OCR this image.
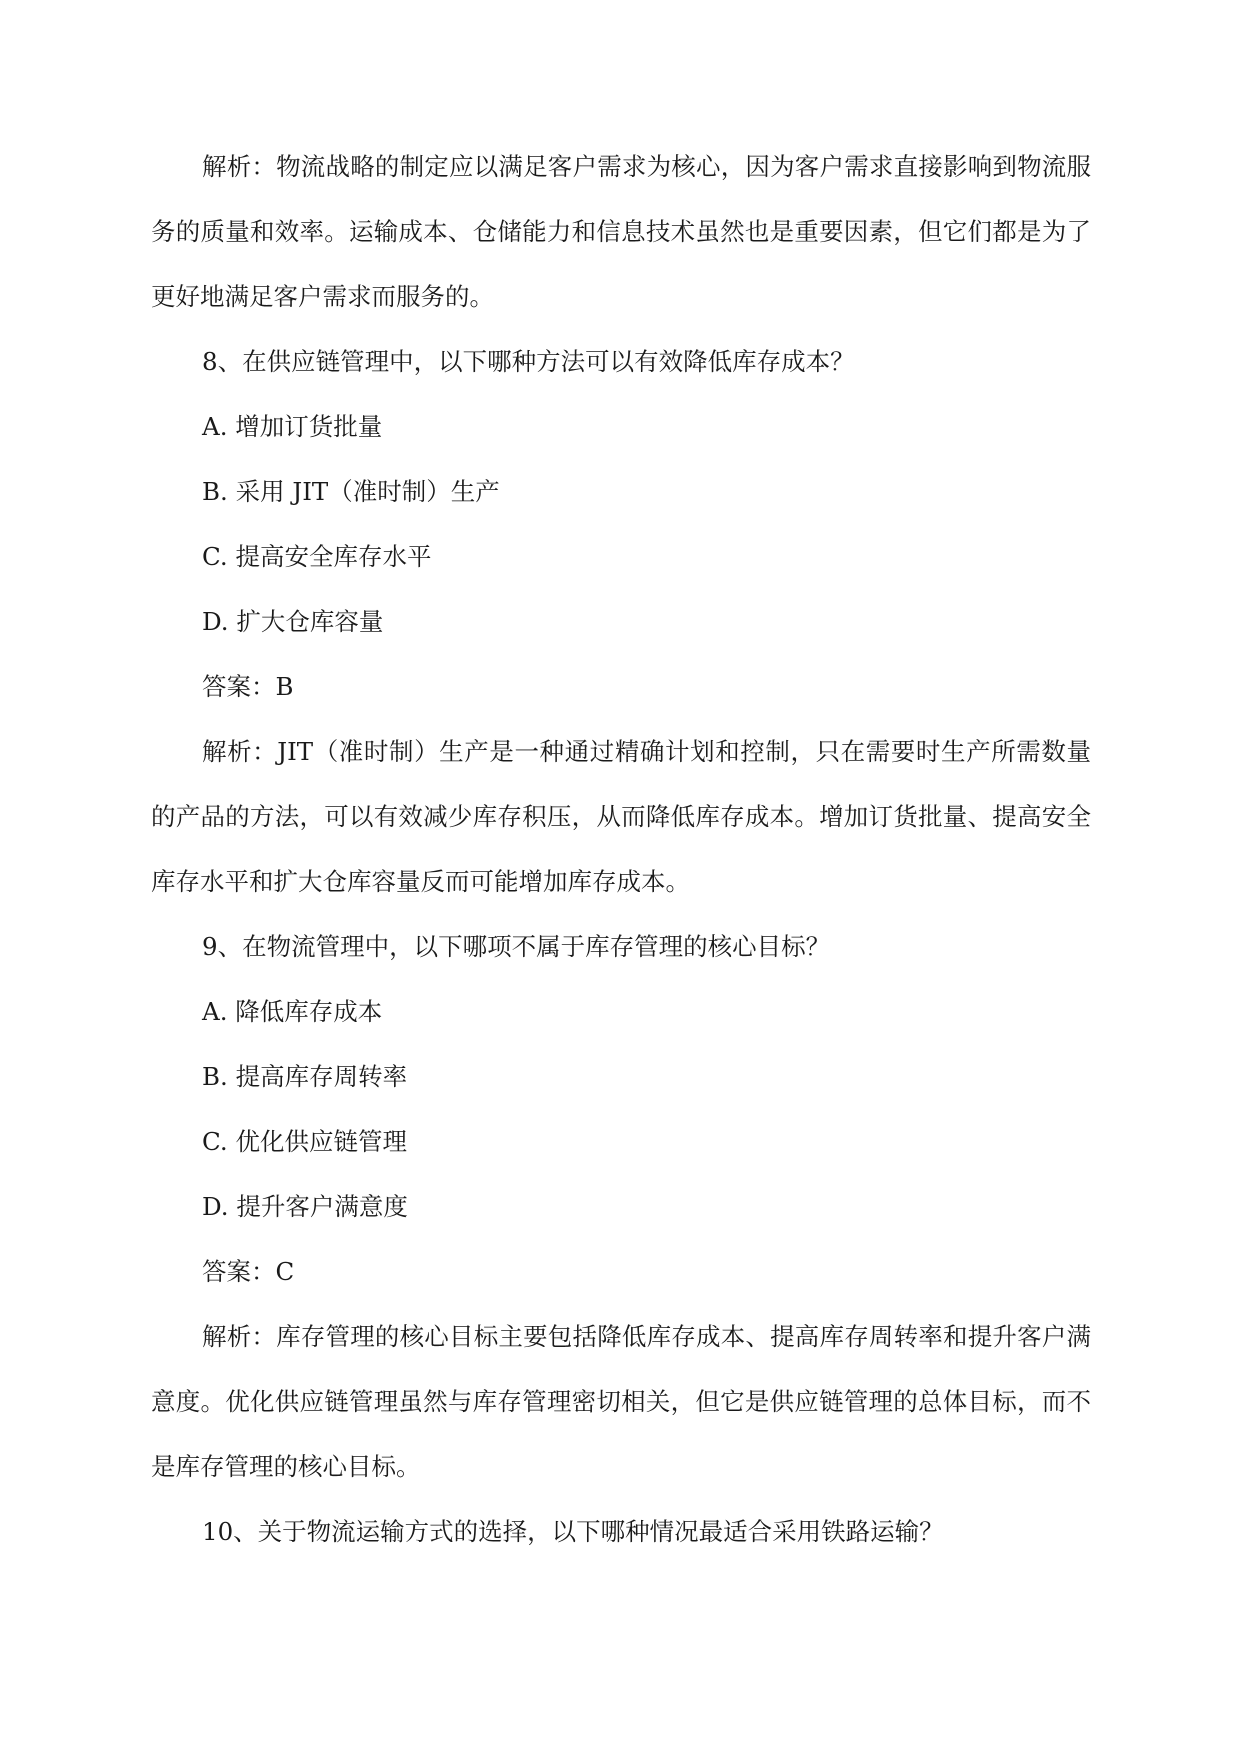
解析：物流战略的制定应以满足客户需求为核心，因为客户需求直接影响到物流服
务的质量和效率。运输成本、仓储能力和信息技术虽然也是重要因素，但它们都是为了
更好地满足客户需求而服务的。
8、在供应链管理中，以下哪种方法可以有效降低库存成本？
A. 增加订货批量
B. 采用 JIT（准时制）生产
C. 提高安全库存水平
D. 扩大仓库容量
答案：B
解析：JIT（准时制）生产是一种通过精确计划和控制，只在需要时生产所需数量
的产品的方法，可以有效减少库存积压，从而降低库存成本。增加订货批量、提高安全
库存水平和扩大仓库容量反而可能增加库存成本。
9、在物流管理中，以下哪项不属于库存管理的核心目标？
A. 降低库存成本
B. 提高库存周转率
C. 优化供应链管理
D. 提升客户满意度
答案：C
解析：库存管理的核心目标主要包括降低库存成本、提高库存周转率和提升客户满
意度。优化供应链管理虽然与库存管理密切相关，但它是供应链管理的总体目标，而不
是库存管理的核心目标。
10、关于物流运输方式的选择，以下哪种情况最适合采用铁路运输？
